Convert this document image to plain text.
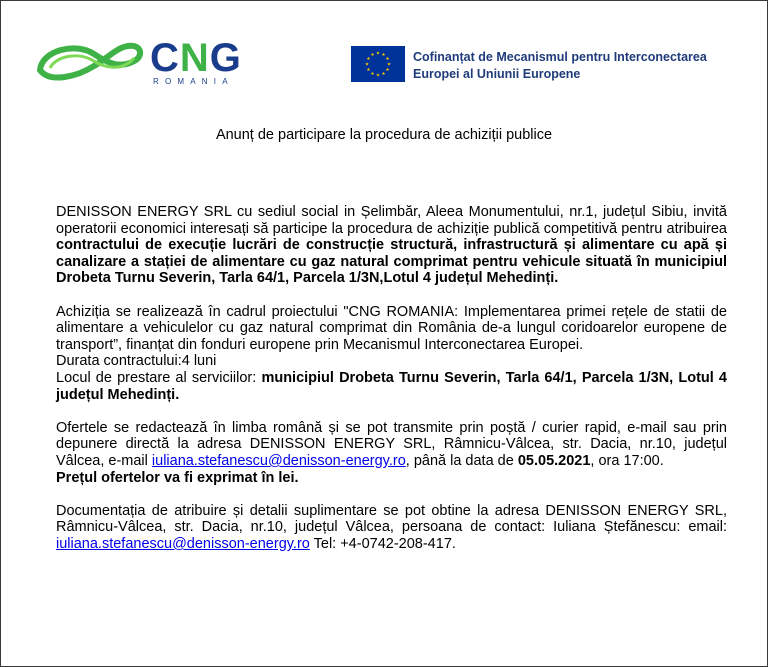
CNG
ROMANIA
Cofinanțat de Mecanismul pentru Interconectarea
Europei al Uniunii Europene
Anunț de participare la procedura de achiziții publice

DENISSON ENERGY SRL cu sediul social in Șelimbăr, Aleea Monumentului, nr.1, județul Sibiu, invită operatorii economici interesați să participe la procedura de achiziție publică competitivă pentru atribuirea contractului de execuție lucrări de construcție structură, infrastructură și alimentare cu apă și canalizare a stației de alimentare cu gaz natural comprimat pentru vehicule situată în municipiul Drobeta Turnu Severin, Tarla 64/1, Parcela 1/3N,Lotul 4 județul Mehedinți.

Achiziția se realizează în cadrul proiectului "CNG ROMANIA: Implementarea primei rețele de statii de alimentare a vehiculelor cu gaz natural comprimat din România de-a lungul coridoarelor europene de transport”, finanțat din fonduri europene prin Mecanismul Interconectarea Europei.

Durata contractului:4 luni

Locul de prestare al serviciilor: municipiul Drobeta Turnu Severin, Tarla 64/1, Parcela 1/3N, Lotul 4 județul Mehedinți.

Ofertele se redactează în limba română și se pot transmite prin poștă / curier rapid, e-mail sau prin depunere directă la adresa DENISSON ENERGY SRL, Râmnicu-Vâlcea, str. Dacia, nr.10, județul Vâlcea, e-mail iuliana.stefanescu@denisson-energy.ro, până la data de 05.05.2021, ora 17:00.

Prețul ofertelor va fi exprimat în lei.

Documentația de atribuire și detalii suplimentare se pot obtine la adresa DENISSON ENERGY SRL, Râmnicu-Vâlcea, str. Dacia, nr.10, județul Vâlcea, persoana de contact: Iuliana Ștefănescu: email: iuliana.stefanescu@denisson-energy.ro Tel: +4-0742-208-417.
